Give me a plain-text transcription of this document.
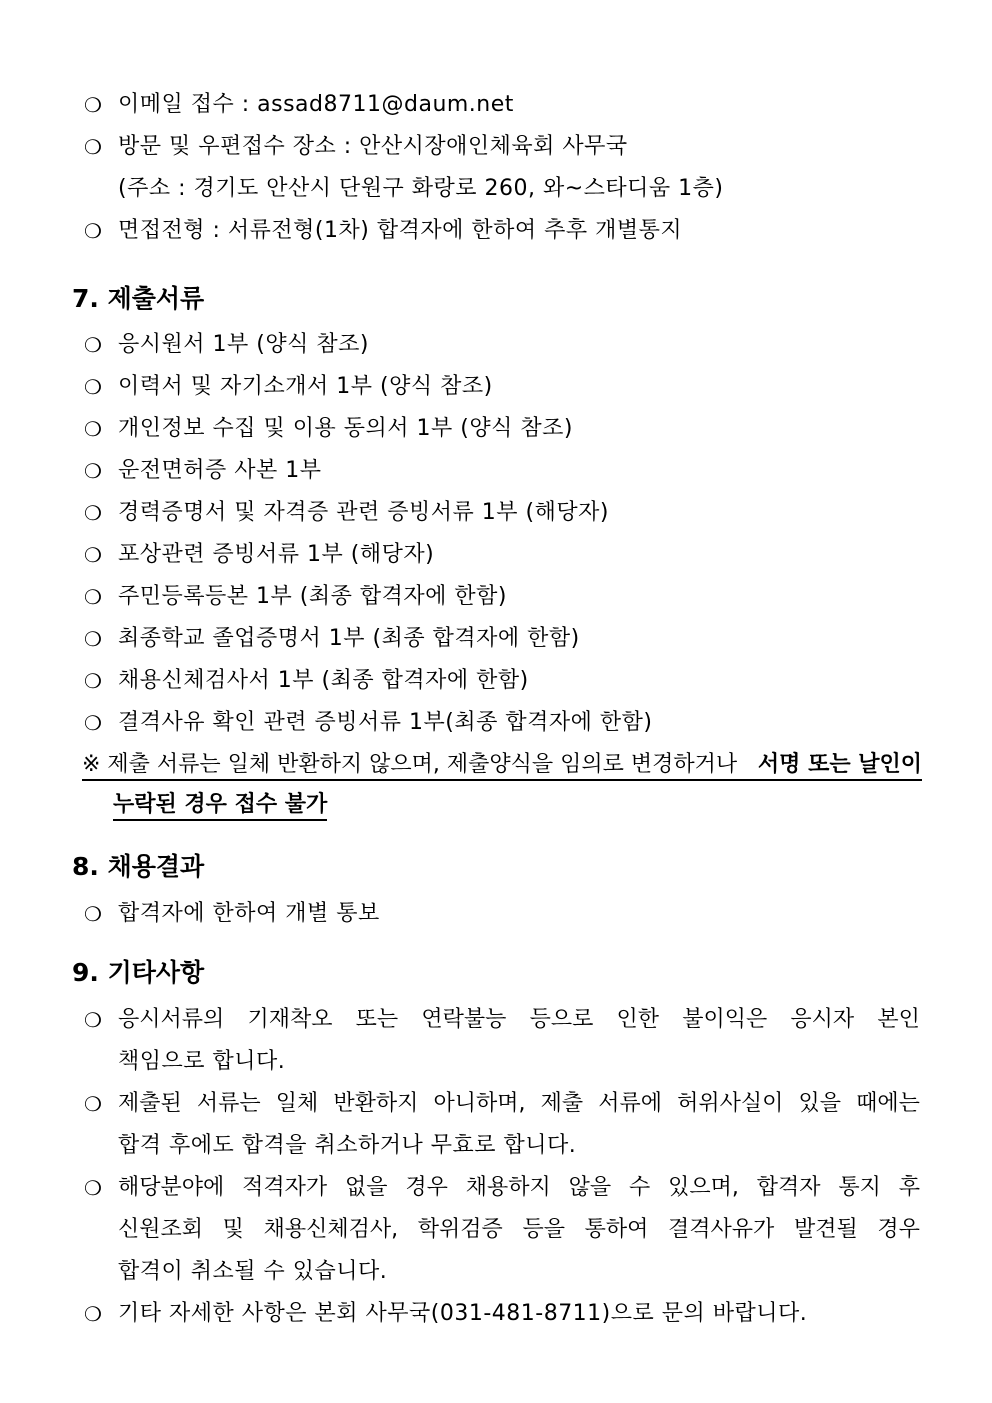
❍ 이메일 접수 : assad8711@daum.net
❍ 방문 및 우편접수 장소 : 안산시장애인체육회 사무국
(주소 : 경기도 안산시 단원구 화랑로 260, 와~스타디움 1층)
❍ 면접전형 : 서류전형(1차) 합격자에 한하여 추후 개별통지
7. 제출서류
❍ 응시원서 1부 (양식 참조)
❍ 이력서 및 자기소개서 1부 (양식 참조)
❍ 개인정보 수집 및 이용 동의서 1부 (양식 참조)
❍ 운전면허증 사본 1부
❍ 경력증명서 및 자격증 관련 증빙서류 1부 (해당자)
❍ 포상관련 증빙서류 1부 (해당자)
❍ 주민등록등본 1부 (최종 합격자에 한함)
❍ 최종학교 졸업증명서 1부 (최종 합격자에 한함)
❍ 채용신체검사서 1부 (최종 합격자에 한함)
❍ 결격사유 확인 관련 증빙서류 1부(최종 합격자에 한함)
※ 제출 서류는 일체 반환하지 않으며, 제출양식을 임의로 변경하거나 서명 또는 날인이
누락된 경우 접수 불가
8. 채용결과
❍ 합격자에 한하여 개별 통보
9. 기타사항
❍ 응시서류의 기재착오 또는 연락불능 등으로 인한 불이익은 응시자 본인
책임으로 합니다.
❍ 제출된 서류는 일체 반환하지 아니하며, 제출 서류에 허위사실이 있을 때에는
합격 후에도 합격을 취소하거나 무효로 합니다.
❍ 해당분야에 적격자가 없을 경우 채용하지 않을 수 있으며, 합격자 통지 후
신원조회 및 채용신체검사, 학위검증 등을 통하여 결격사유가 발견될 경우
합격이 취소될 수 있습니다.
❍ 기타 자세한 사항은 본회 사무국(031-481-8711)으로 문의 바랍니다.
